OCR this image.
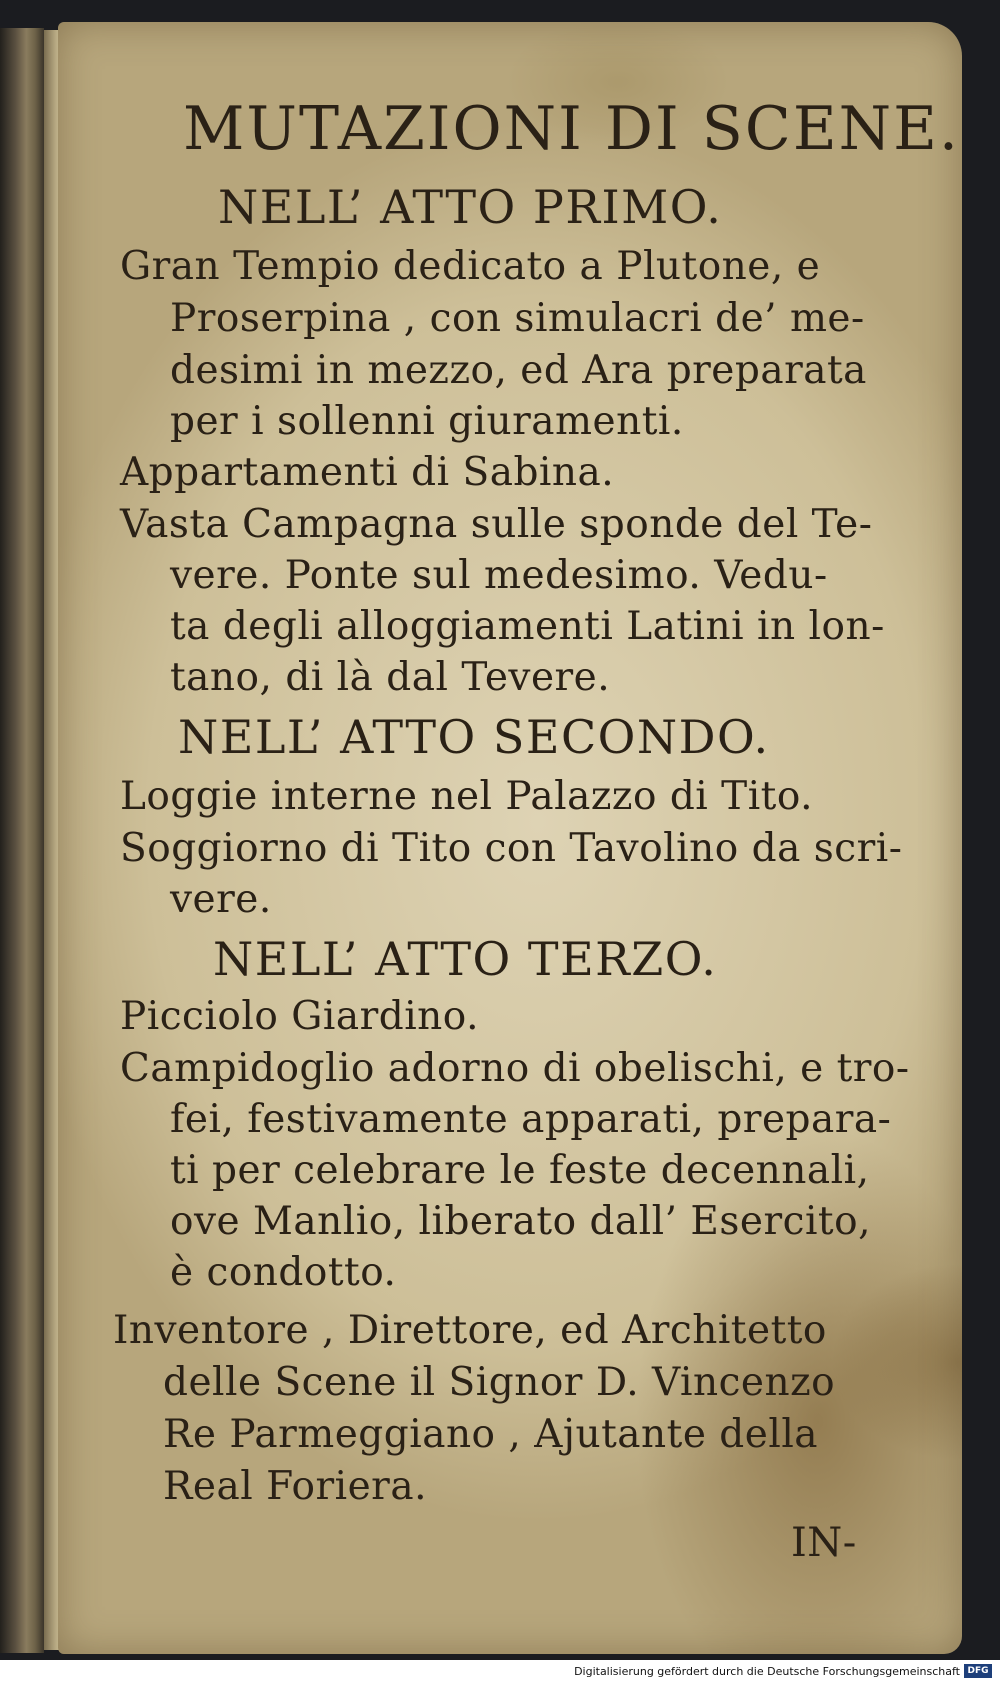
MUTAZIONI DI SCENE.
NELL’ ATTO PRIMO.
Gran Tempio dedicato a Plutone, e
Proserpina , con simulacri de’ me-
desimi in mezzo, ed Ara preparata
per i sollenni giuramenti.
Appartamenti di Sabina.
Vasta Campagna sulle sponde del Te-
vere. Ponte sul medesimo. Vedu-
ta degli alloggiamenti Latini in lon-
tano, di là dal Tevere.
NELL’ ATTO SECONDO.
Loggie interne nel Palazzo di Tito.
Soggiorno di Tito con Tavolino da scri-
vere.
NELL’ ATTO TERZO.
Picciolo Giardino.
Campidoglio adorno di obelischi, e tro-
fei, festivamente apparati, prepara-
ti per celebrare le feste decennali,
ove Manlio, liberato dall’ Esercito,
è condotto.
Inventore , Direttore, ed Architetto
delle Scene il Signor D. Vincenzo
Re Parmeggiano , Ajutante della
Real Foriera.
IN-
Digitalisierung gefördert durch die Deutsche Forschungsgemeinschaft DFG
